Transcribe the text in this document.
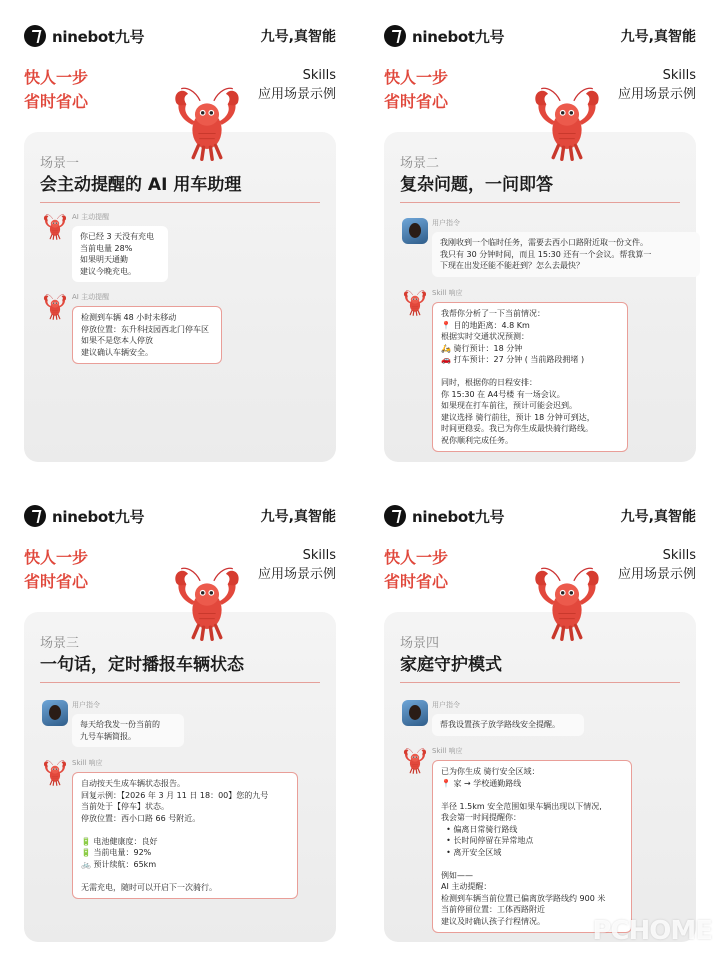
ninebot九号	九号,真智能
快人一步
省时省心
Skills
应用场景示例
场景一
会主动提醒的 AI 用车助理
AI 主动提醒
你已经 3 天没有充电
当前电量 28%
如果明天通勤
建议今晚充电。
AI 主动提醒
检测到车辆 48 小时未移动
停放位置：东升科技园西北门停车区
如果不是您本人停放
建议确认车辆安全。
ninebot九号	九号,真智能
快人一步
省时省心
Skills
应用场景示例
场景二
复杂问题，一问即答
用户指令
我刚收到一个临时任务，需要去西小口路附近取一份文件。
我只有 30 分钟时间，而且 15:30 还有一个会议。帮我算一
下现在出发还能不能赶到？怎么去最快？
Skill 响应
我帮你分析了一下当前情况：
📍 目的地距离：4.8 Km
根据实时交通状况预测：
🛵 骑行预计：18 分钟
🚗 打车预计：27 分钟 ( 当前路段拥堵 )

同时，根据你的日程安排：
你 15:30 在 A4号楼 有一场会议。
如果现在打车前往，预计可能会迟到。
建议选择 骑行前往，预计 18 分钟可到达，
时间更稳妥。我已为你生成最快骑行路线。
祝你顺利完成任务。
ninebot九号	九号,真智能
快人一步
省时省心
Skills
应用场景示例
场景三
一句话，定时播报车辆状态
用户指令
每天给我发一份当前的
九号车辆简报。
Skill 响应
自动按天生成车辆状态报告。
回复示例：【2026 年 3 月 11 日 18：00】您的九号
当前处于【停车】状态。
停放位置：西小口路 66 号附近。

🔋 电池健康度：良好
🔋 当前电量：92%
🚲 预计续航：65km

无需充电，随时可以开启下一次骑行。
ninebot九号	九号,真智能
快人一步
省时省心
Skills
应用场景示例
场景四
家庭守护模式
用户指令
帮我设置孩子放学路线安全提醒。
Skill 响应
已为你生成 骑行安全区域：
📍 家 → 学校通勤路线

半径 1.5km 安全范围如果车辆出现以下情况,
我会第一时间提醒你：
• 偏离日常骑行路线
• 长时间停留在异常地点
• 离开安全区域

例如——
AI 主动提醒：
检测到车辆当前位置已偏离放学路线约 900 米
当前停留位置：工体西路附近
建议及时确认孩子行程情况。	PCHOME
WWW.PCHOME.NET
